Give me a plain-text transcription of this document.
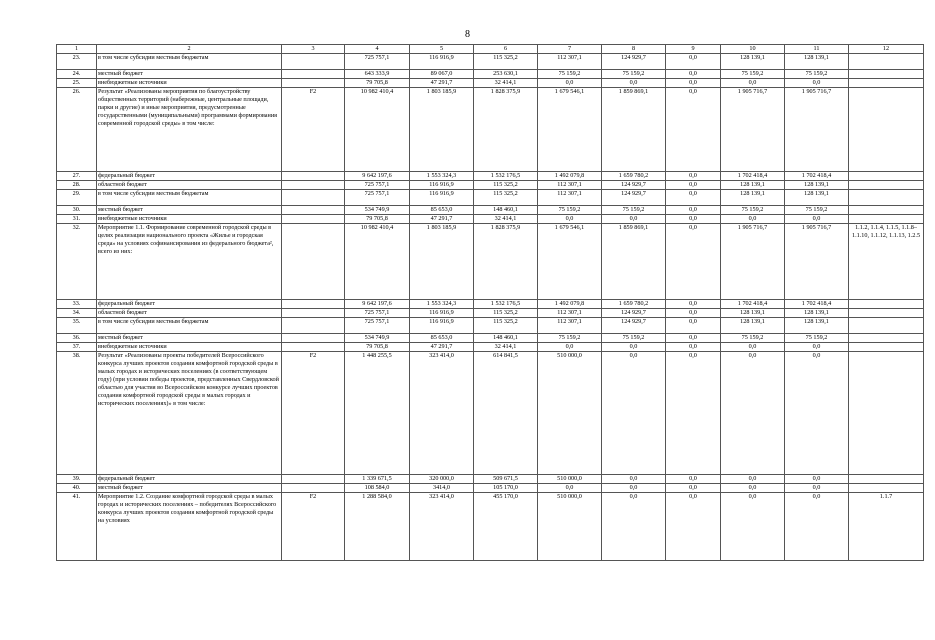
8
1	2	3	4	5	6	7	8	9	10	11	12
23.	в том числе субсидии местным бюджетам		725 757,1	116 916,9	115 325,2	112 307,1	124 929,7	0,0	128 139,1	128 139,1	
24.	местный бюджет		643 333,9	89 067,0	253 630,1	75 159,2	75 159,2	0,0	75 159,2	75 159,2	
25.	внебюджетные источники		79 705,8	47 291,7	32 414,1	0,0	0,0	0,0	0,0	0,0	
26.	Результат «Реализованы мероприятия по благоустройству общественных территорий (набережные, центральные площади, парки и другие) и иные мероприятия, предусмотренные государственными (муниципальными) программами формирования современной городской среды» в том числе:	F2	10 982 410,4	1 803 185,9	1 828 375,9	1 679 546,1	1 859 869,1	0,0	1 905 716,7	1 905 716,7	
27.	федеральный бюджет		9 642 197,6	1 553 324,3	1 532 176,5	1 492 079,8	1 659 780,2	0,0	1 702 418,4	1 702 418,4	
28.	областной бюджет		725 757,1	116 916,9	115 325,2	112 307,1	124 929,7	0,0	128 139,1	128 139,1	
29.	в том числе субсидии местным бюджетам		725 757,1	116 916,9	115 325,2	112 307,1	124 929,7	0,0	128 139,1	128 139,1	
30.	местный бюджет		534 749,9	85 653,0	148 460,1	75 159,2	75 159,2	0,0	75 159,2	75 159,2	
31.	внебюджетные источники		79 705,8	47 291,7	32 414,1	0,0	0,0	0,0	0,0	0,0	
32.	Мероприятие 1.1. Формирование современной городской среды в целях реализации национального проекта «Жилье и городская среда» на условиях софинансирования из федерального бюджета², всего из них:		10 982 410,4	1 803 185,9	1 828 375,9	1 679 546,1	1 859 869,1	0,0	1 905 716,7	1 905 716,7	1.1.2, 1.1.4, 1.1.5, 1.1.8–1.1.10, 1.1.12, 1.1.13, 1.2.5
33.	федеральный бюджет		9 642 197,6	1 553 324,3	1 532 176,5	1 492 079,8	1 659 780,2	0,0	1 702 418,4	1 702 418,4	
34.	областной бюджет		725 757,1	116 916,9	115 325,2	112 307,1	124 929,7	0,0	128 139,1	128 139,1	
35.	в том числе субсидии местным бюджетам		725 757,1	116 916,9	115 325,2	112 307,1	124 929,7	0,0	128 139,1	128 139,1	
36.	местный бюджет		534 749,9	85 653,0	148 460,1	75 159,2	75 159,2	0,0	75 159,2	75 159,2	
37.	внебюджетные источники		79 705,8	47 291,7	32 414,1	0,0	0,0	0,0	0,0	0,0	
38.	Результат «Реализованы проекты победителей Всероссийского конкурса лучших проектов создания комфортной городской среды в малых городах и исторических поселениях (в соответствующем году) (при условии победы проектов, представленных Свердловской областью для участия во Всероссийском конкурсе лучших проектов создания комфортной городской среды в малых городах и исторических поселениях)» в том числе:	F2	1 448 255,5	323 414,0	614 841,5	510 000,0	0,0	0,0	0,0	0,0	
39.	федеральный бюджет		1 339 671,5	320 000,0	509 671,5	510 000,0	0,0	0,0	0,0	0,0	
40.	местный бюджет		108 584,0	3414,0	105 170,0	0,0	0,0	0,0	0,0	0,0	
41.	Мероприятие 1.2. Создание комфортной городской среды в малых городах и исторических поселениях – победителях Всероссийского конкурса лучших проектов создания комфортной городской среды на условиях	F2	1 288 584,0	323 414,0	455 170,0	510 000,0	0,0	0,0	0,0	0,0	1.1.7
